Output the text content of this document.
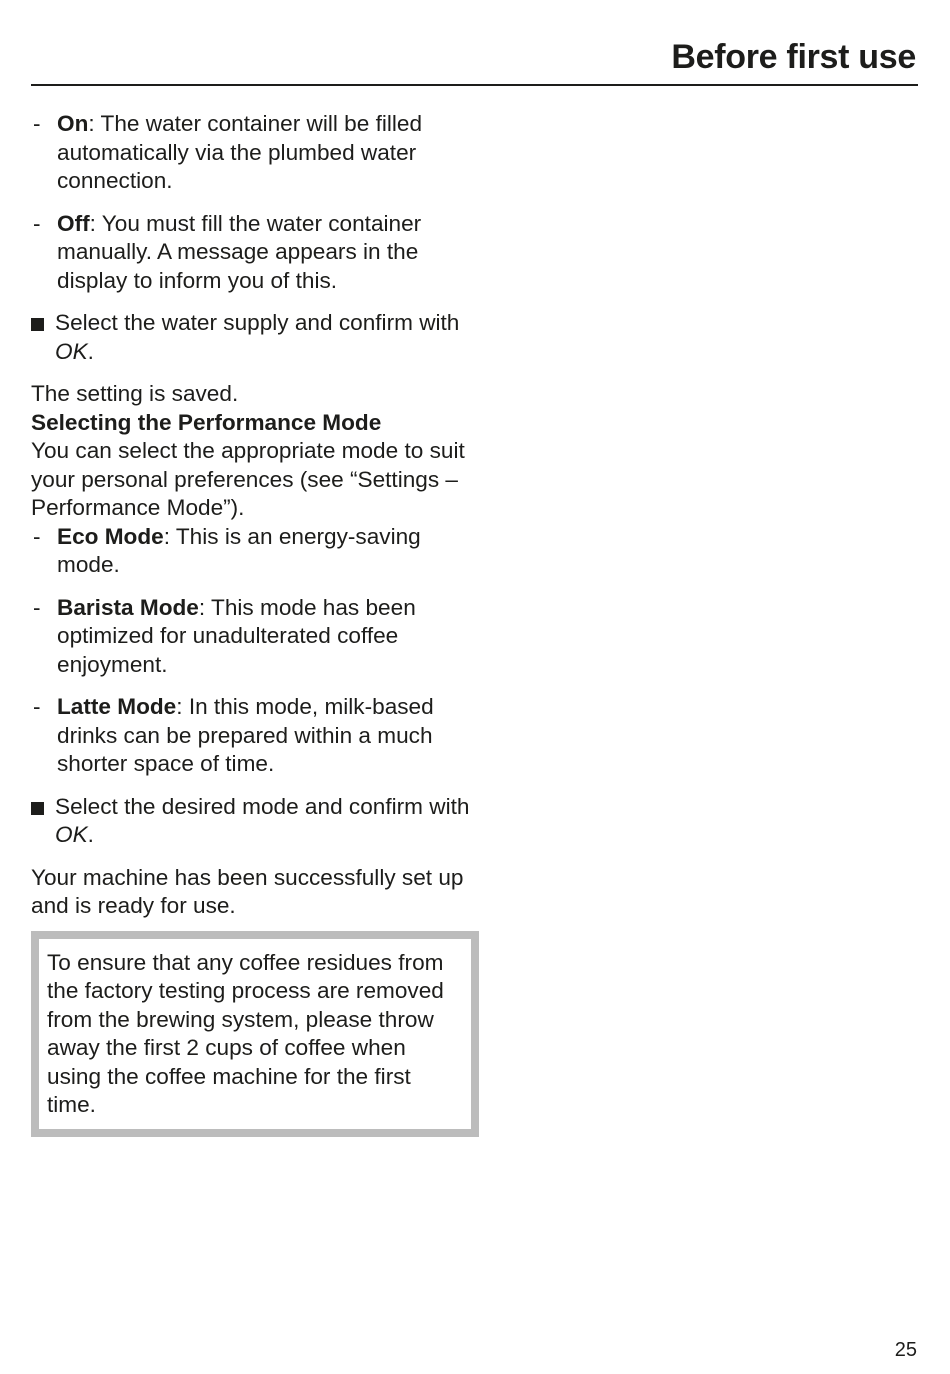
Before first use
- On: The water container will be filled automatically via the plumbed water connection.

- Off: You must fill the water container manually. A message appears in the display to inform you of this.

Select the water supply and confirm with OK.

The setting is saved.

Selecting the Performance Mode

You can select the appropriate mode to suit your personal preferences (see “Settings – Performance Mode”).

- Eco Mode: This is an energy-saving mode.

- Barista Mode: This mode has been optimized for unadulterated coffee enjoyment.

- Latte Mode: In this mode, milk-based drinks can be prepared within a much shorter space of time.

Select the desired mode and confirm with OK.

Your machine has been successfully set up and is ready for use.

To ensure that any coffee residues from the factory testing process are removed from the brewing system, please throw away the first 2 cups of coffee when using the coffee machine for the first time.

25
